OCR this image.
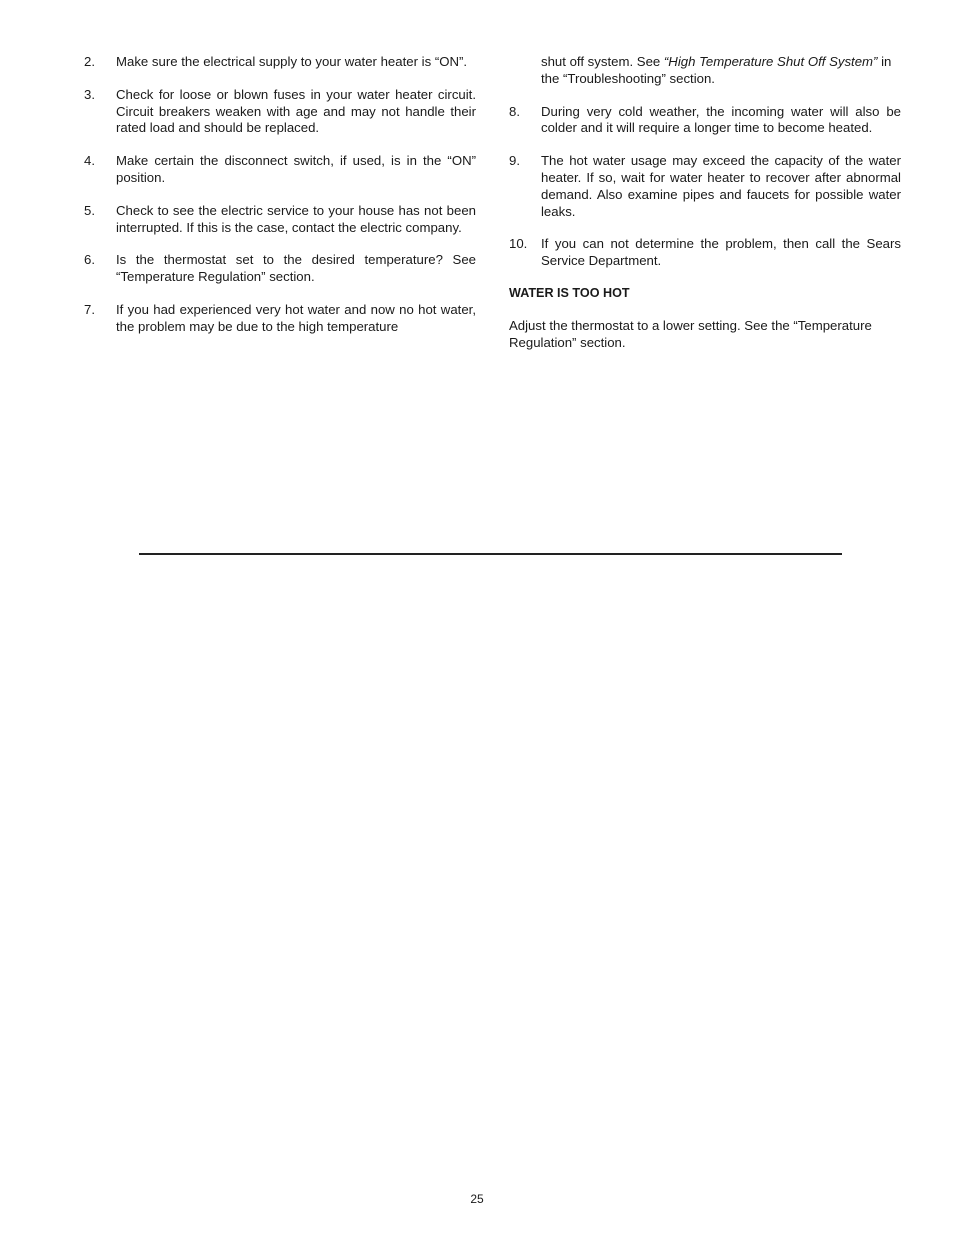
2.	Make sure the electrical supply to your water heater is “ON”.
3.	Check for loose or blown fuses in your water heater circuit. Circuit breakers weaken with age and may not handle their rated load and should be replaced.
4.	Make certain the disconnect switch, if used, is in the “ON” position.
5.	Check to see the electric service to your house has not been interrupted. If this is the case, contact the electric company.
6.	Is the thermostat set to the desired temperature? See “Temperature Regulation” section.
7.	If you had experienced very hot water and now no hot water, the problem may be due to the high temperature
shut off system. See “High Temperature Shut Off System” in the “Troubleshooting” section.
8.	During very cold weather, the incoming water will also be colder and it will require a longer time to become heated.
9.	The hot water usage may exceed the capacity of the water heater. If so, wait for water heater to recover after abnormal demand. Also examine pipes and faucets for possible water leaks.
10.	If you can not determine the problem, then call the Sears Service Department.
WATER IS TOO HOT
Adjust the thermostat to a lower setting. See the “Temperature Regulation” section.
25
